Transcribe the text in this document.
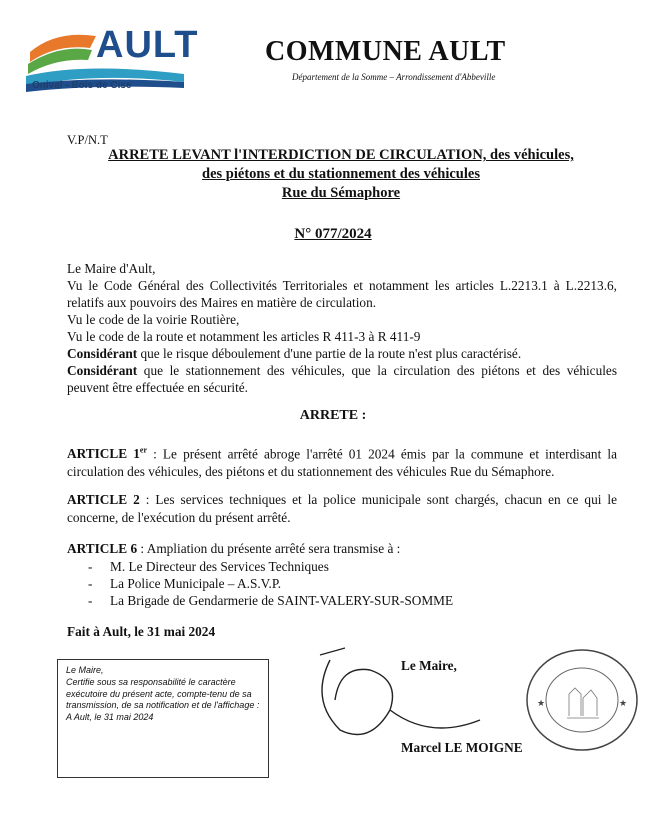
AULT
Onival - Bois de Cise
COMMUNE AULT
Département de la Somme – Arrondissement d'Abbeville
V.P/N.T
ARRETE LEVANT l'INTERDICTION DE CIRCULATION, des véhicules,
des piétons et du stationnement des véhicules
Rue du Sémaphore
N° 077/2024

Le Maire d'Ault,

Vu le Code Général des Collectivités Territoriales et notamment les articles L.2213.1 à L.2213.6, relatifs aux pouvoirs des Maires en matière de circulation.

Vu le code de la voirie Routière,

Vu le code de la route et notamment les articles R 411-3 à R 411-9

Considérant que le risque déboulement d'une partie de la route n'est plus caractérisé.

Considérant que le stationnement des véhicules, que la circulation des piétons et des véhicules peuvent être effectuée en sécurité.

ARRETE :
ARTICLE 1er : Le présent arrêté abroge l'arrêté 01 2024 émis par la commune et interdisant la circulation des véhicules, des piétons et du stationnement des véhicules Rue du Sémaphore.
ARTICLE 2 : Les services techniques et la police municipale sont chargés, chacun en ce qui le concerne, de l'exécution du présent arrêté.
ARTICLE 6 : Ampliation du présente arrêté sera transmise à :
- M. Le Directeur des Services Techniques
- La Police Municipale – A.S.V.P.
- La Brigade de Gendarmerie de SAINT-VALERY-SUR-SOMME
Fait à Ault, le 31 mai 2024
Le Maire,
Certifie sous sa responsabilité le caractère exécutoire du présent acte, compte-tenu de sa transmission, de sa notification et de l'affichage :
A Ault, le 31 mai 2024
Le Maire,
Marcel LE MOIGNE
★	★
